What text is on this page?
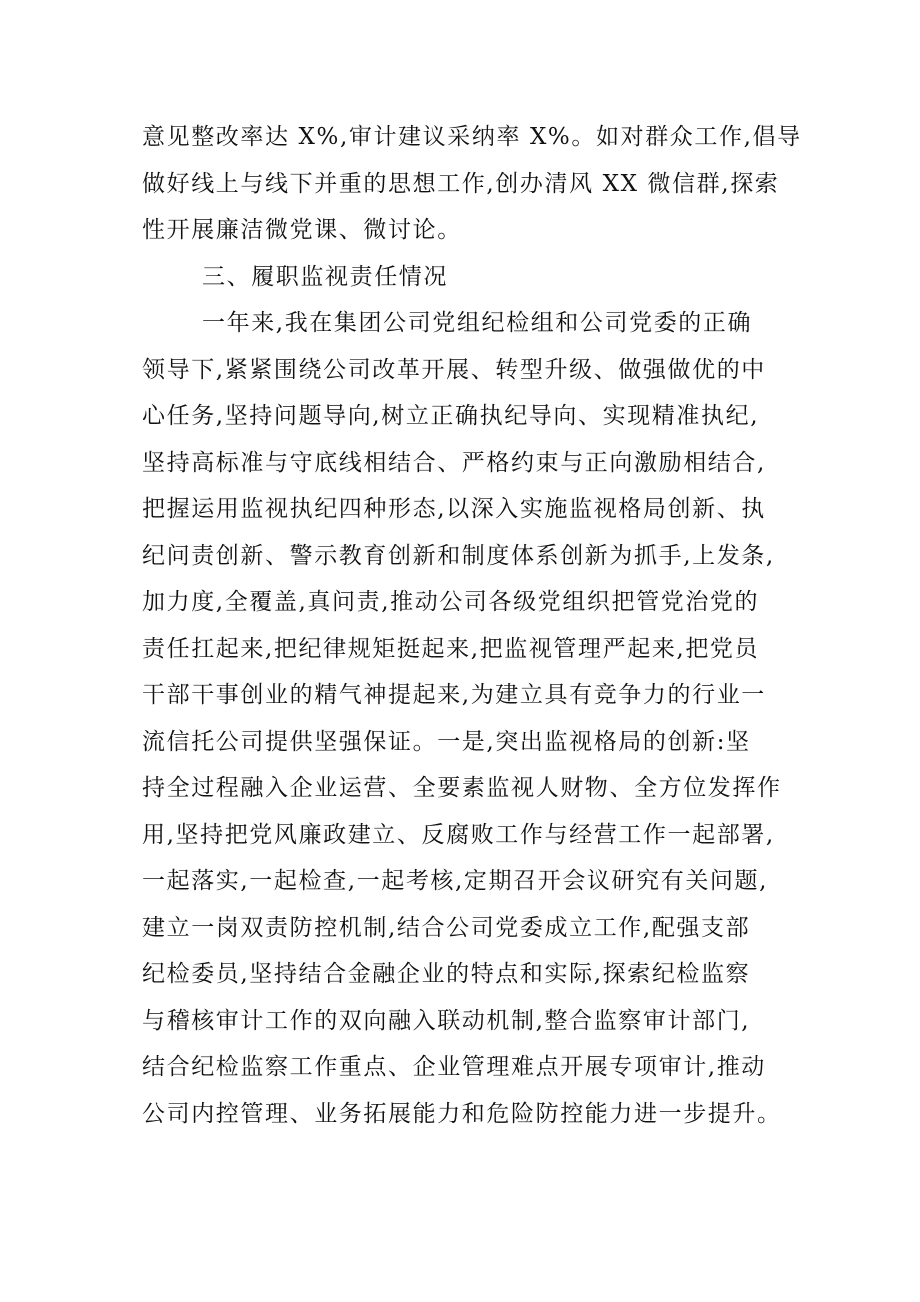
意见整改率达 X%,审计建议采纳率 X%。如对群众工作,倡导
做好线上与线下并重的思想工作,创办清风 XX 微信群,探索
性开展廉洁微党课、微讨论。
三、履职监视责任情况
一年来,我在集团公司党组纪检组和公司党委的正确
领导下,紧紧围绕公司改革开展、转型升级、做强做优的中
心任务,坚持问题导向,树立正确执纪导向、实现精准执纪,
坚持高标准与守底线相结合、严格约束与正向激励相结合,
把握运用监视执纪四种形态,以深入实施监视格局创新、执
纪问责创新、警示教育创新和制度体系创新为抓手,上发条,
加力度,全覆盖,真问责,推动公司各级党组织把管党治党的
责任扛起来,把纪律规矩挺起来,把监视管理严起来,把党员
干部干事创业的精气神提起来,为建立具有竞争力的行业一
流信托公司提供坚强保证。一是,突出监视格局的创新:坚
持全过程融入企业运营、全要素监视人财物、全方位发挥作
用,坚持把党风廉政建立、反腐败工作与经营工作一起部署,
一起落实,一起检查,一起考核,定期召开会议研究有关问题,
建立一岗双责防控机制,结合公司党委成立工作,配强支部
纪检委员,坚持结合金融企业的特点和实际,探索纪检监察
与稽核审计工作的双向融入联动机制,整合监察审计部门,
结合纪检监察工作重点、企业管理难点开展专项审计,推动
公司内控管理、业务拓展能力和危险防控能力进一步提升。
